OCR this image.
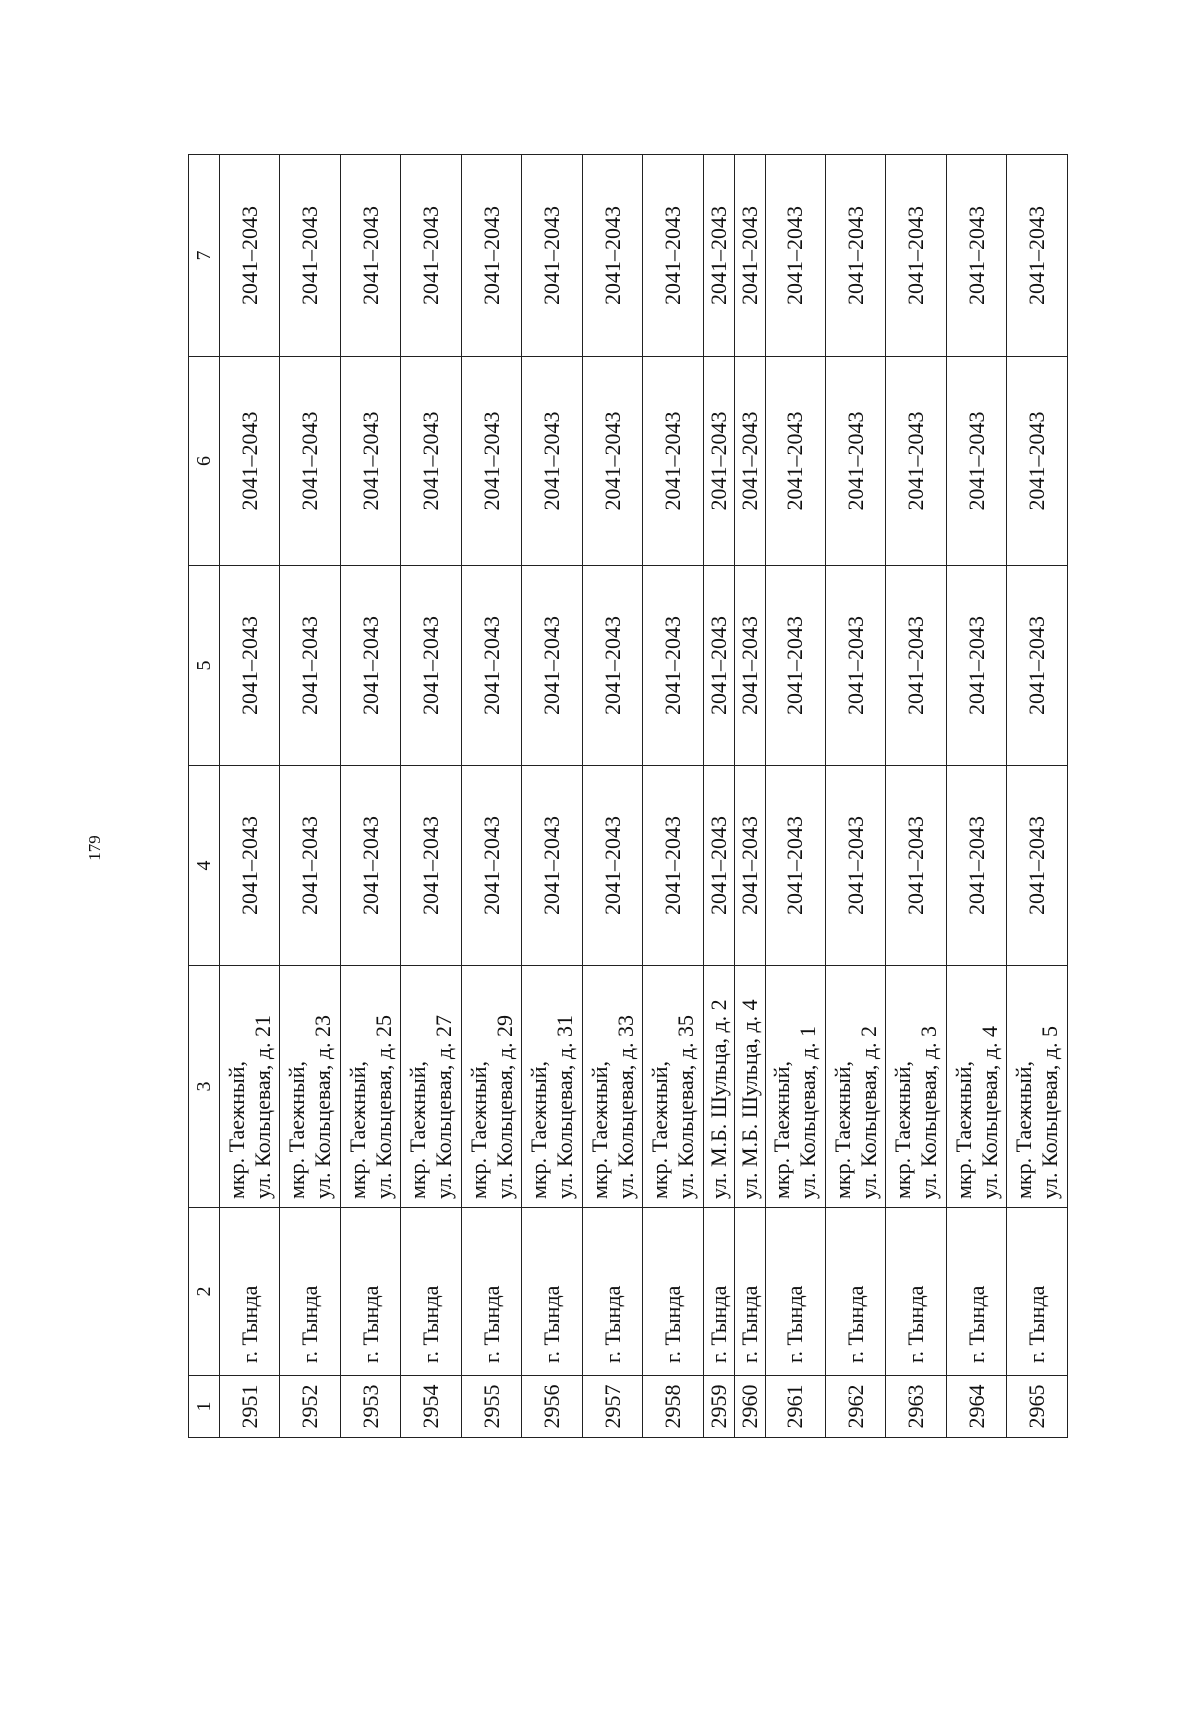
179
1	2	3	4	5	6	7
2951	г. Тында	мкр. Таежный, ул. Кольцевая, д. 21	2041–2043	2041–2043	2041–2043	2041–2043
2952	г. Тында	мкр. Таежный, ул. Кольцевая, д. 23	2041–2043	2041–2043	2041–2043	2041–2043
2953	г. Тында	мкр. Таежный, ул. Кольцевая, д. 25	2041–2043	2041–2043	2041–2043	2041–2043
2954	г. Тында	мкр. Таежный, ул. Кольцевая, д. 27	2041–2043	2041–2043	2041–2043	2041–2043
2955	г. Тында	мкр. Таежный, ул. Кольцевая, д. 29	2041–2043	2041–2043	2041–2043	2041–2043
2956	г. Тында	мкр. Таежный, ул. Кольцевая, д. 31	2041–2043	2041–2043	2041–2043	2041–2043
2957	г. Тында	мкр. Таежный, ул. Кольцевая, д. 33	2041–2043	2041–2043	2041–2043	2041–2043
2958	г. Тында	мкр. Таежный, ул. Кольцевая, д. 35	2041–2043	2041–2043	2041–2043	2041–2043
2959	г. Тында	ул. М.Б. Шульца, д. 2	2041–2043	2041–2043	2041–2043	2041–2043
2960	г. Тында	ул. М.Б. Шульца, д. 4	2041–2043	2041–2043	2041–2043	2041–2043
2961	г. Тында	мкр. Таежный, ул. Кольцевая, д. 1	2041–2043	2041–2043	2041–2043	2041–2043
2962	г. Тында	мкр. Таежный, ул. Кольцевая, д. 2	2041–2043	2041–2043	2041–2043	2041–2043
2963	г. Тында	мкр. Таежный, ул. Кольцевая, д. 3	2041–2043	2041–2043	2041–2043	2041–2043
2964	г. Тында	мкр. Таежный, ул. Кольцевая, д. 4	2041–2043	2041–2043	2041–2043	2041–2043
2965	г. Тында	мкр. Таежный, ул. Кольцевая, д. 5	2041–2043	2041–2043	2041–2043	2041–2043
